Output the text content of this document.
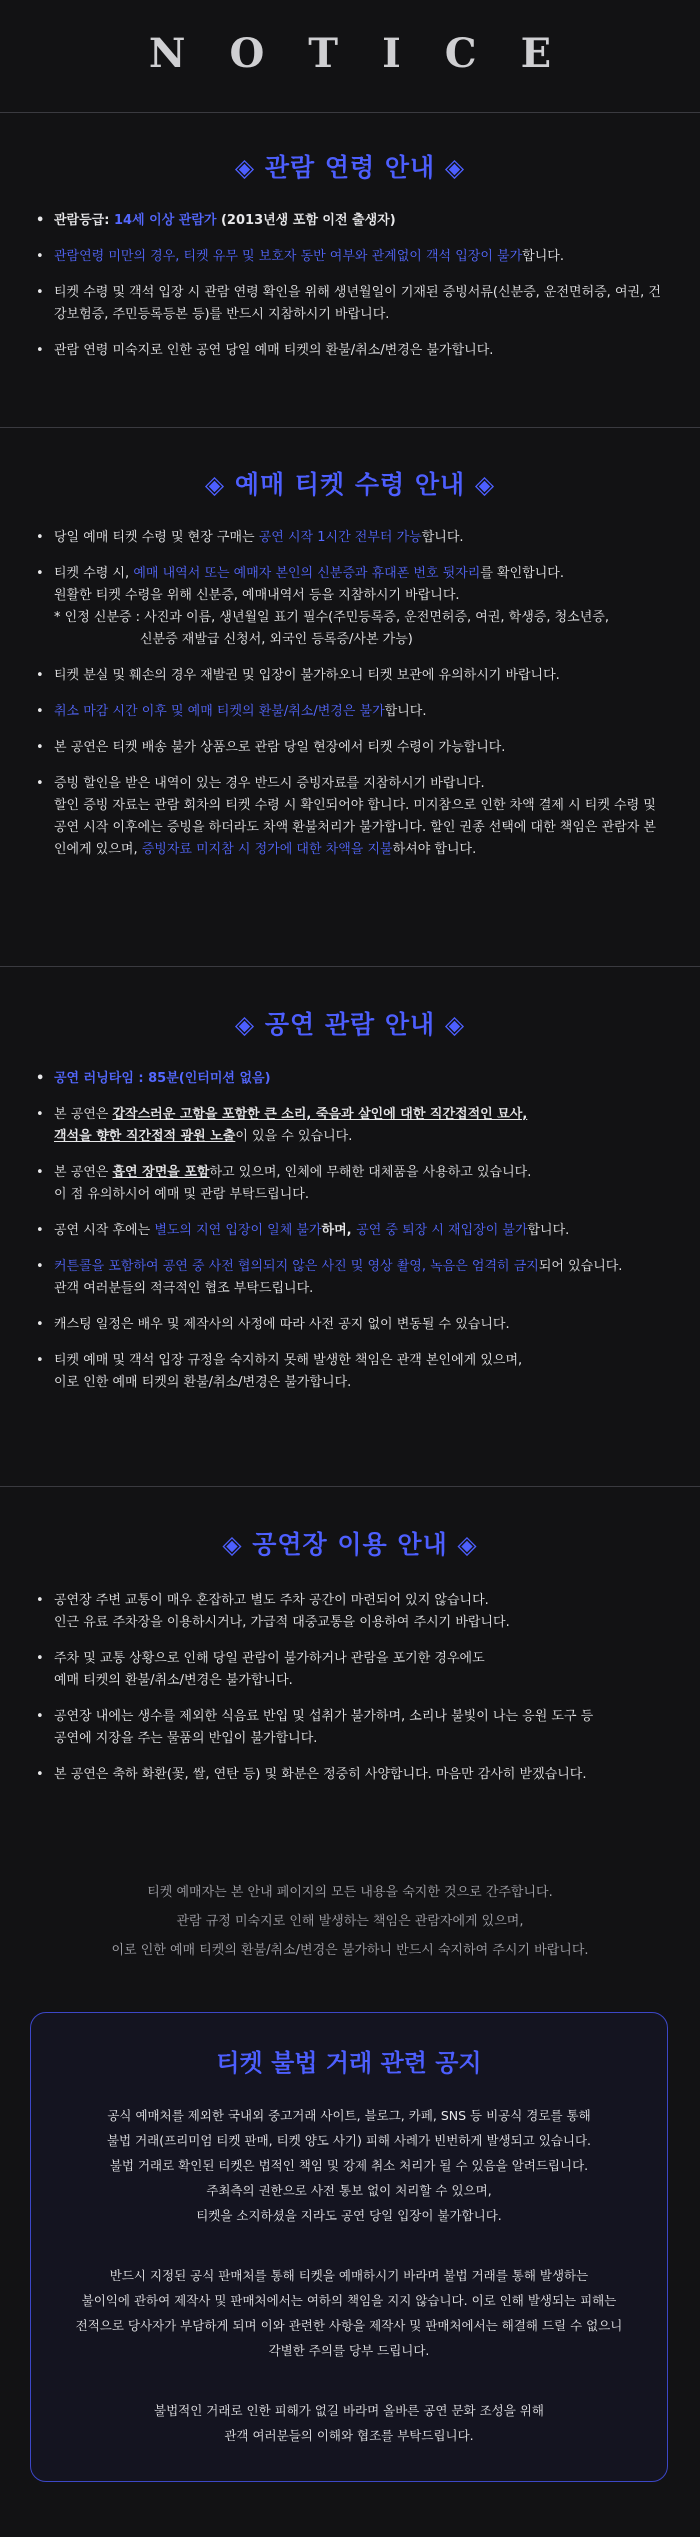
NOTICE
◈ 관람 연령 안내 ◈
• 관람등급: 14세 이상 관람가 (2013년생 포함 이전 출생자)
• 관람연령 미만의 경우, 티켓 유무 및 보호자 동반 여부와 관계없이 객석 입장이 불가합니다.
• 티켓 수령 및 객석 입장 시 관람 연령 확인을 위해 생년월일이 기재된 증빙서류(신분증, 운전면허증, 여권, 건강보험증, 주민등록등본 등)를 반드시 지참하시기 바랍니다.
• 관람 연령 미숙지로 인한 공연 당일 예매 티켓의 환불/취소/변경은 불가합니다.
◈ 예매 티켓 수령 안내 ◈
• 당일 예매 티켓 수령 및 현장 구매는 공연 시작 1시간 전부터 가능합니다.
• 티켓 수령 시, 예매 내역서 또는 예매자 본인의 신분증과 휴대폰 번호 뒷자리를 확인합니다.
원활한 티켓 수령을 위해 신분증, 예매내역서 등을 지참하시기 바랍니다.
* 인정 신분증 : 사진과 이름, 생년월일 표기 필수(주민등록증, 운전면허증, 여권, 학생증, 청소년증,
신분증 재발급 신청서, 외국인 등록증/사본 가능)
• 티켓 분실 및 훼손의 경우 재발권 및 입장이 불가하오니 티켓 보관에 유의하시기 바랍니다.
• 취소 마감 시간 이후 및 예매 티켓의 환불/취소/변경은 불가합니다.
• 본 공연은 티켓 배송 불가 상품으로 관람 당일 현장에서 티켓 수령이 가능합니다.
• 증빙 할인을 받은 내역이 있는 경우 반드시 증빙자료를 지참하시기 바랍니다.
할인 증빙 자료는 관람 회차의 티켓 수령 시 확인되어야 합니다. 미지참으로 인한 차액 결제 시 티켓 수령 및 공연 시작 이후에는 증빙을 하더라도 차액 환불처리가 불가합니다. 할인 권종 선택에 대한 책임은 관람자 본인에게 있으며, 증빙자료 미지참 시 정가에 대한 차액을 지불하셔야 합니다.
◈ 공연 관람 안내 ◈
• 공연 러닝타임 : 85분(인터미션 없음)
• 본 공연은 갑작스러운 고함을 포함한 큰 소리, 죽음과 살인에 대한 직간접적인 묘사,
객석을 향한 직간접적 광원 노출이 있을 수 있습니다.
• 본 공연은 흡연 장면을 포함하고 있으며, 인체에 무해한 대체품을 사용하고 있습니다.
이 점 유의하시어 예매 및 관람 부탁드립니다.
• 공연 시작 후에는 별도의 지연 입장이 일체 불가하며, 공연 중 퇴장 시 재입장이 불가합니다.
• 커튼콜을 포함하여 공연 중 사전 협의되지 않은 사진 및 영상 촬영, 녹음은 엄격히 금지되어 있습니다.
관객 여러분들의 적극적인 협조 부탁드립니다.
• 캐스팅 일정은 배우 및 제작사의 사정에 따라 사전 공지 없이 변동될 수 있습니다.
• 티켓 예매 및 객석 입장 규정을 숙지하지 못해 발생한 책임은 관객 본인에게 있으며,
이로 인한 예매 티켓의 환불/취소/변경은 불가합니다.
◈ 공연장 이용 안내 ◈
• 공연장 주변 교통이 매우 혼잡하고 별도 주차 공간이 마련되어 있지 않습니다.
인근 유료 주차장을 이용하시거나, 가급적 대중교통을 이용하여 주시기 바랍니다.
• 주차 및 교통 상황으로 인해 당일 관람이 불가하거나 관람을 포기한 경우에도
예매 티켓의 환불/취소/변경은 불가합니다.
• 공연장 내에는 생수를 제외한 식음료 반입 및 섭취가 불가하며, 소리나 불빛이 나는 응원 도구 등
공연에 지장을 주는 물품의 반입이 불가합니다.
• 본 공연은 축하 화환(꽃, 쌀, 연탄 등) 및 화분은 정중히 사양합니다. 마음만 감사히 받겠습니다.
티켓 예매자는 본 안내 페이지의 모든 내용을 숙지한 것으로 간주합니다.
관람 규정 미숙지로 인해 발생하는 책임은 관람자에게 있으며,
이로 인한 예매 티켓의 환불/취소/변경은 불가하니 반드시 숙지하여 주시기 바랍니다.
티켓 불법 거래 관련 공지
공식 예매처를 제외한 국내외 중고거래 사이트, 블로그, 카페, SNS 등 비공식 경로를 통해
불법 거래(프리미엄 티켓 판매, 티켓 양도 사기) 피해 사례가 빈번하게 발생되고 있습니다.
불법 거래로 확인된 티켓은 법적인 책임 및 강제 취소 처리가 될 수 있음을 알려드립니다.
주최측의 권한으로 사전 통보 없이 처리할 수 있으며,
티켓을 소지하셨을 지라도 공연 당일 입장이 불가합니다.
반드시 지정된 공식 판매처를 통해 티켓을 예매하시기 바라며 불법 거래를 통해 발생하는
불이익에 관하여 제작사 및 판매처에서는 여하의 책임을 지지 않습니다. 이로 인해 발생되는 피해는
전적으로 당사자가 부담하게 되며 이와 관련한 사항을 제작사 및 판매처에서는 해결해 드릴 수 없으니
각별한 주의를 당부 드립니다.
불법적인 거래로 인한 피해가 없길 바라며 올바른 공연 문화 조성을 위해
관객 여러분들의 이해와 협조를 부탁드립니다.
